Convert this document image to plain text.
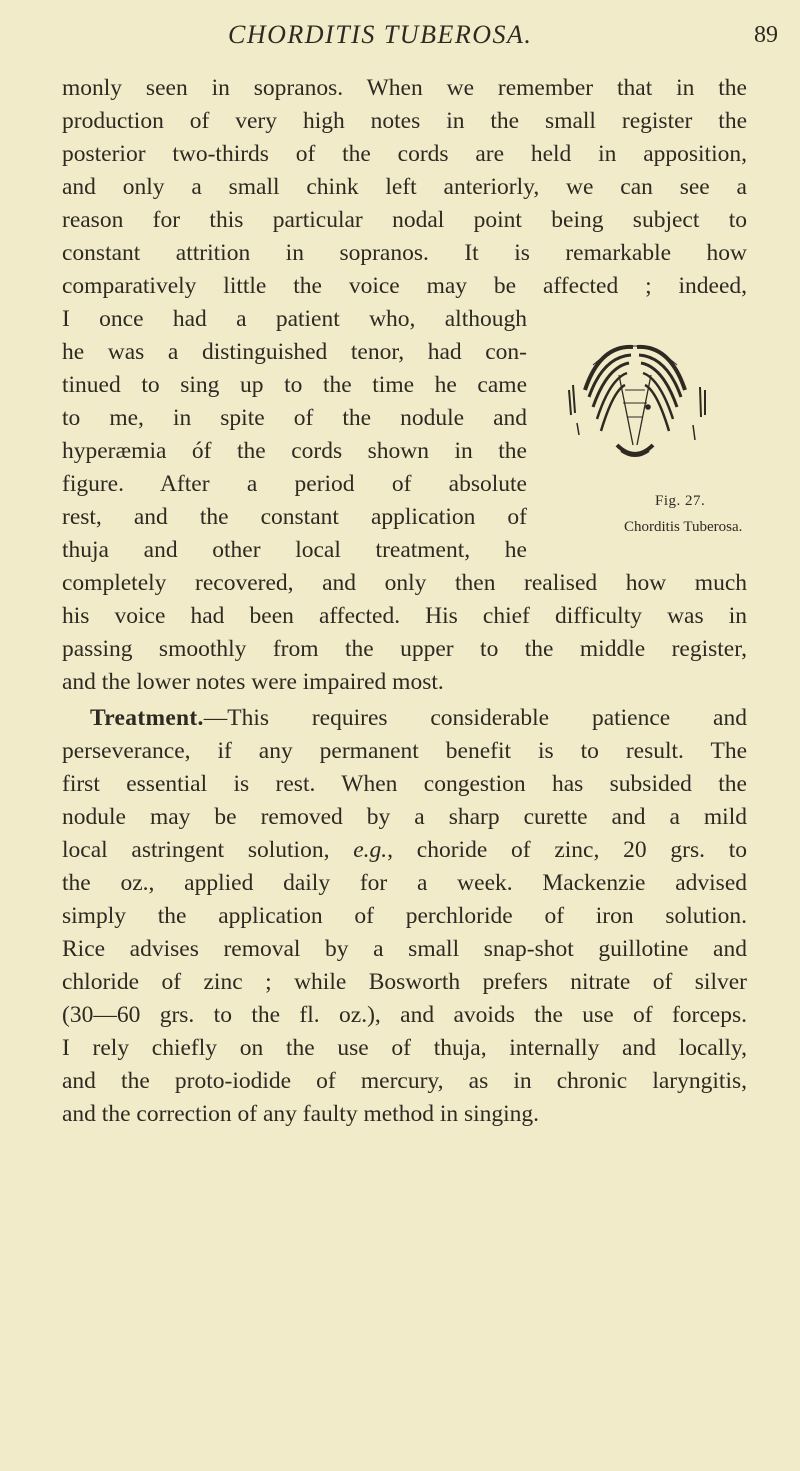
CHORDITIS TUBEROSA.	89
monly seen in sopranos. When we remember that in the
production of very high notes in the small register the
posterior two-thirds of the cords are held in apposition,
and only a small chink left anteriorly, we can see a
reason for this particular nodal point being subject to
constant attrition in sopranos. It is remarkable how
comparatively little the voice may be affected ; indeed,
I once had a patient who, although
he was a distinguished tenor, had con-
tinued to sing up to the time he came
to me, in spite of the nodule and
hyperæmia óf the cords shown in the
figure. After a period of absolute
rest, and the constant application of
thuja and other local treatment, he
completely recovered, and only then realised how much
his voice had been affected. His chief difficulty was in
passing smoothly from the upper to the middle register,
and the lower notes were impaired most.
Treatment.—This requires considerable patience and
perseverance, if any permanent benefit is to result. The
first essential is rest. When congestion has subsided the
nodule may be removed by a sharp curette and a mild
local astringent solution, e.g., choride of zinc, 20 grs. to
the oz., applied daily for a week. Mackenzie advised
simply the application of perchloride of iron solution.
Rice advises removal by a small snap-shot guillotine and
chloride of zinc ; while Bosworth prefers nitrate of silver
(30—60 grs. to the fl. oz.), and avoids the use of forceps.
I rely chiefly on the use of thuja, internally and locally,
and the proto-iodide of mercury, as in chronic laryngitis,
and the correction of any faulty method in singing.
Fig. 27.
Chorditis Tuberosa.
